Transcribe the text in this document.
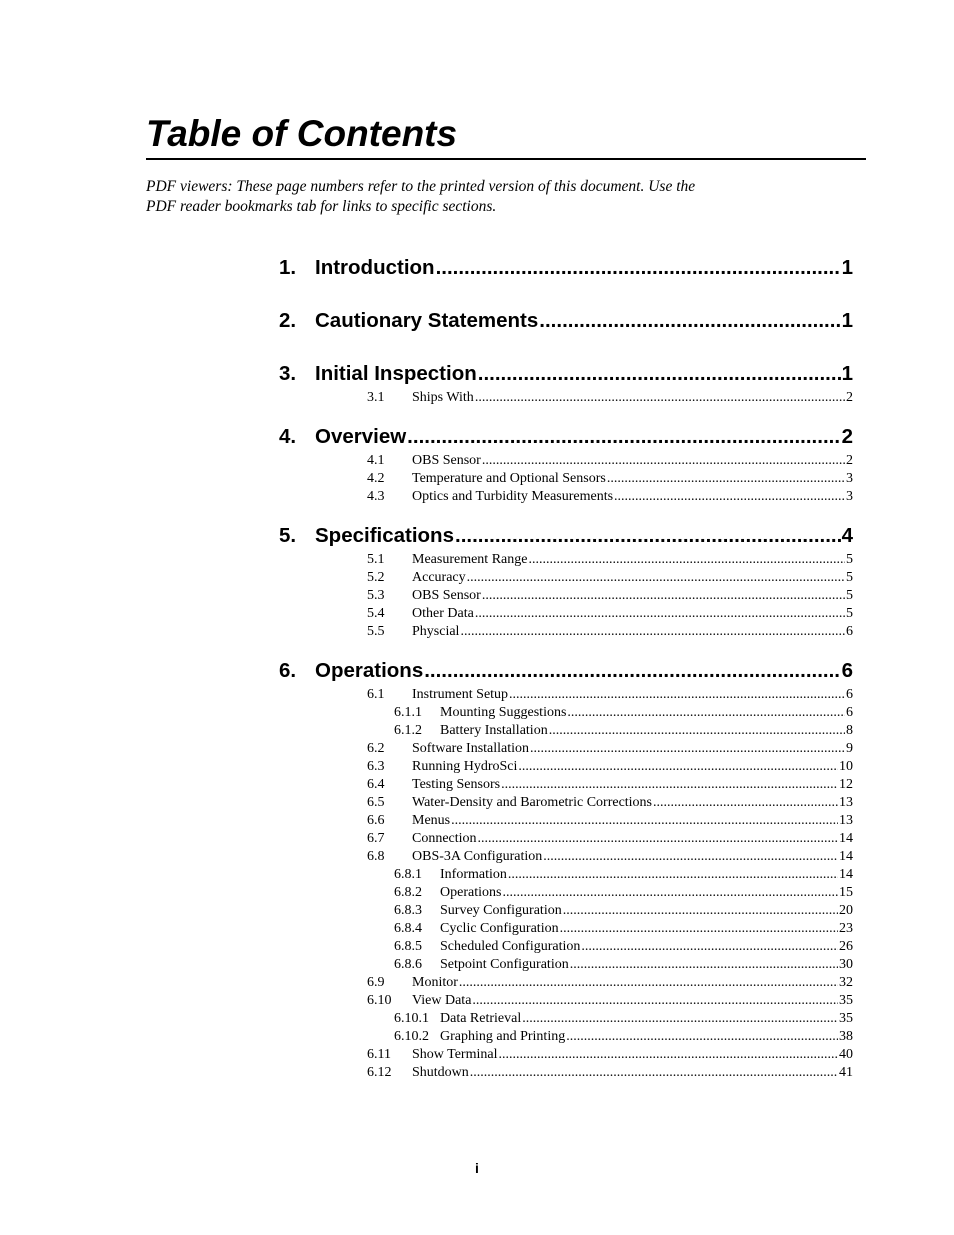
Table of Contents
PDF viewers: These page numbers refer to the printed version of this document. Use the
PDF reader bookmarks tab for links to specific sections.
1. Introduction .....	1
2. Cautionary Statements .....	1
3. Initial Inspection .....	1
3.1	Ships With .....	2
4. Overview .....	2
4.1	OBS Sensor .....	2
4.2	Temperature and Optional Sensors .....	3
4.3	Optics and Turbidity Measurements .....	3
5. Specifications .....	4
5.1	Measurement Range .....	5
5.2	Accuracy .....	5
5.3	OBS Sensor .....	5
5.4	Other Data .....	5
5.5	Physcial .....	6
6. Operations .....	6
6.1	Instrument Setup .....	6
6.1.1	Mounting Suggestions .....	6
6.1.2	Battery Installation .....	8
6.2	Software Installation .....	9
6.3	Running HydroSci .....	10
6.4	Testing Sensors .....	12
6.5	Water-Density and Barometric Corrections .....	13
6.6	Menus .....	13
6.7	Connection .....	14
6.8	OBS-3A Configuration .....	14
6.8.1	Information .....	14
6.8.2	Operations .....	15
6.8.3	Survey Configuration .....	20
6.8.4	Cyclic Configuration .....	23
6.8.5	Scheduled Configuration .....	26
6.8.6	Setpoint Configuration .....	30
6.9	Monitor .....	32
6.10	View Data .....	35
6.10.1 Data Retrieval .....	35
6.10.2 Graphing and Printing .....	38
6.11	Show Terminal .....	40
6.12	Shutdown .....	41
i
